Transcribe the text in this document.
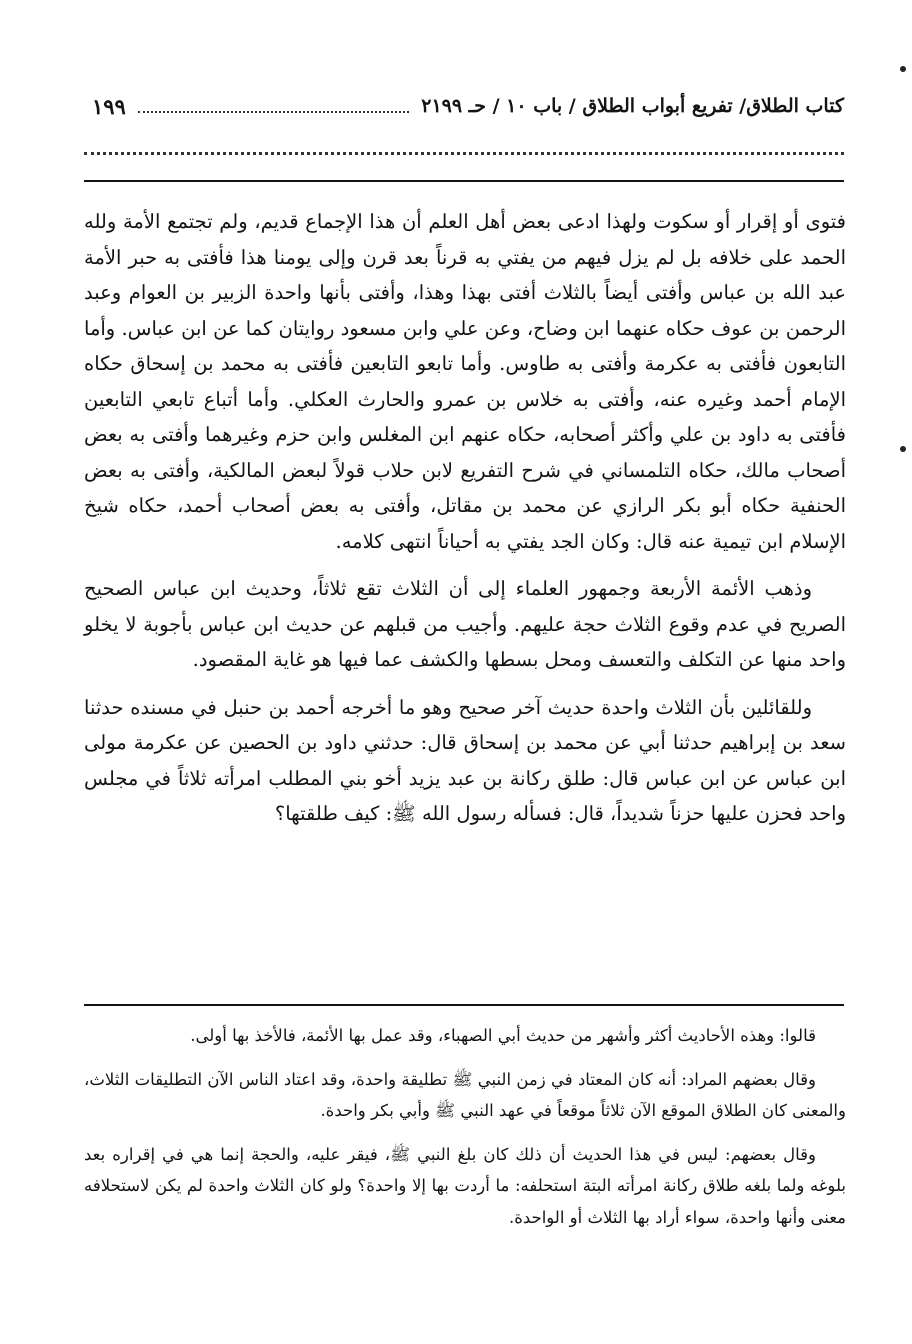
كتاب الطلاق/ تفريع أبواب الطلاق / باب ١٠ / حـ ٢١٩٩
١٩٩

فتوى أو إقرار أو سكوت ولهذا ادعى بعض أهل العلم أن هذا الإجماع قديم، ولم تجتمع الأمة ولله الحمد على خلافه بل لم يزل فيهم من يفتي به قرناً بعد قرن وإلى يومنا هذا فأفتى به حبر الأمة عبد الله بن عباس وأفتى أيضاً بالثلاث أفتى بهذا وهذا، وأفتى بأنها واحدة الزبير بن العوام وعبد الرحمن بن عوف حكاه عنهما ابن وضاح، وعن علي وابن مسعود روايتان كما عن ابن عباس. وأما التابعون فأفتى به عكرمة وأفتى به طاوس. وأما تابعو التابعين فأفتى به محمد بن إسحاق حكاه الإمام أحمد وغيره عنه، وأفتى به خلاس بن عمرو والحارث العكلي. وأما أتباع تابعي التابعين فأفتى به داود بن علي وأكثر أصحابه، حكاه عنهم ابن المغلس وابن حزم وغيرهما وأفتى به بعض أصحاب مالك، حكاه التلمساني في شرح التفريع لابن حلاب قولاً لبعض المالكية، وأفتى به بعض الحنفية حكاه أبو بكر الرازي عن محمد بن مقاتل، وأفتى به بعض أصحاب أحمد، حكاه شيخ الإسلام ابن تيمية عنه قال: وكان الجد يفتي به أحياناً انتهى كلامه.

وذهب الأئمة الأربعة وجمهور العلماء إلى أن الثلاث تقع ثلاثاً، وحديث ابن عباس الصحيح الصريح في عدم وقوع الثلاث حجة عليهم. وأجيب من قبلهم عن حديث ابن عباس بأجوبة لا يخلو واحد منها عن التكلف والتعسف ومحل بسطها والكشف عما فيها هو غاية المقصود.

وللقائلين بأن الثلاث واحدة حديث آخر صحيح وهو ما أخرجه أحمد بن حنبل في مسنده حدثنا سعد بن إبراهيم حدثنا أبي عن محمد بن إسحاق قال: حدثني داود بن الحصين عن عكرمة مولى ابن عباس عن ابن عباس قال: طلق ركانة بن عبد يزيد أخو بني المطلب امرأته ثلاثاً في مجلس واحد فحزن عليها حزناً شديداً، قال: فسأله رسول الله ﷺ: كيف طلقتها؟

قالوا: وهذه الأحاديث أكثر وأشهر من حديث أبي الصهباء، وقد عمل بها الأئمة، فالأخذ بها أولى.

وقال بعضهم المراد: أنه كان المعتاد في زمن النبي ﷺ تطليقة واحدة، وقد اعتاد الناس الآن التطليقات الثلاث، والمعنى كان الطلاق الموقع الآن ثلاثاً موقعاً في عهد النبي ﷺ وأبي بكر واحدة.

وقال بعضهم: ليس في هذا الحديث أن ذلك كان بلغ النبي ﷺ، فيقر عليه، والحجة إنما هي في إقراره بعد بلوغه ولما بلغه طلاق ركانة امرأته البتة استحلفه: ما أردت بها إلا واحدة؟ ولو كان الثلاث واحدة لم يكن لاستحلافه معنى وأنها واحدة، سواء أراد بها الثلاث أو الواحدة.
